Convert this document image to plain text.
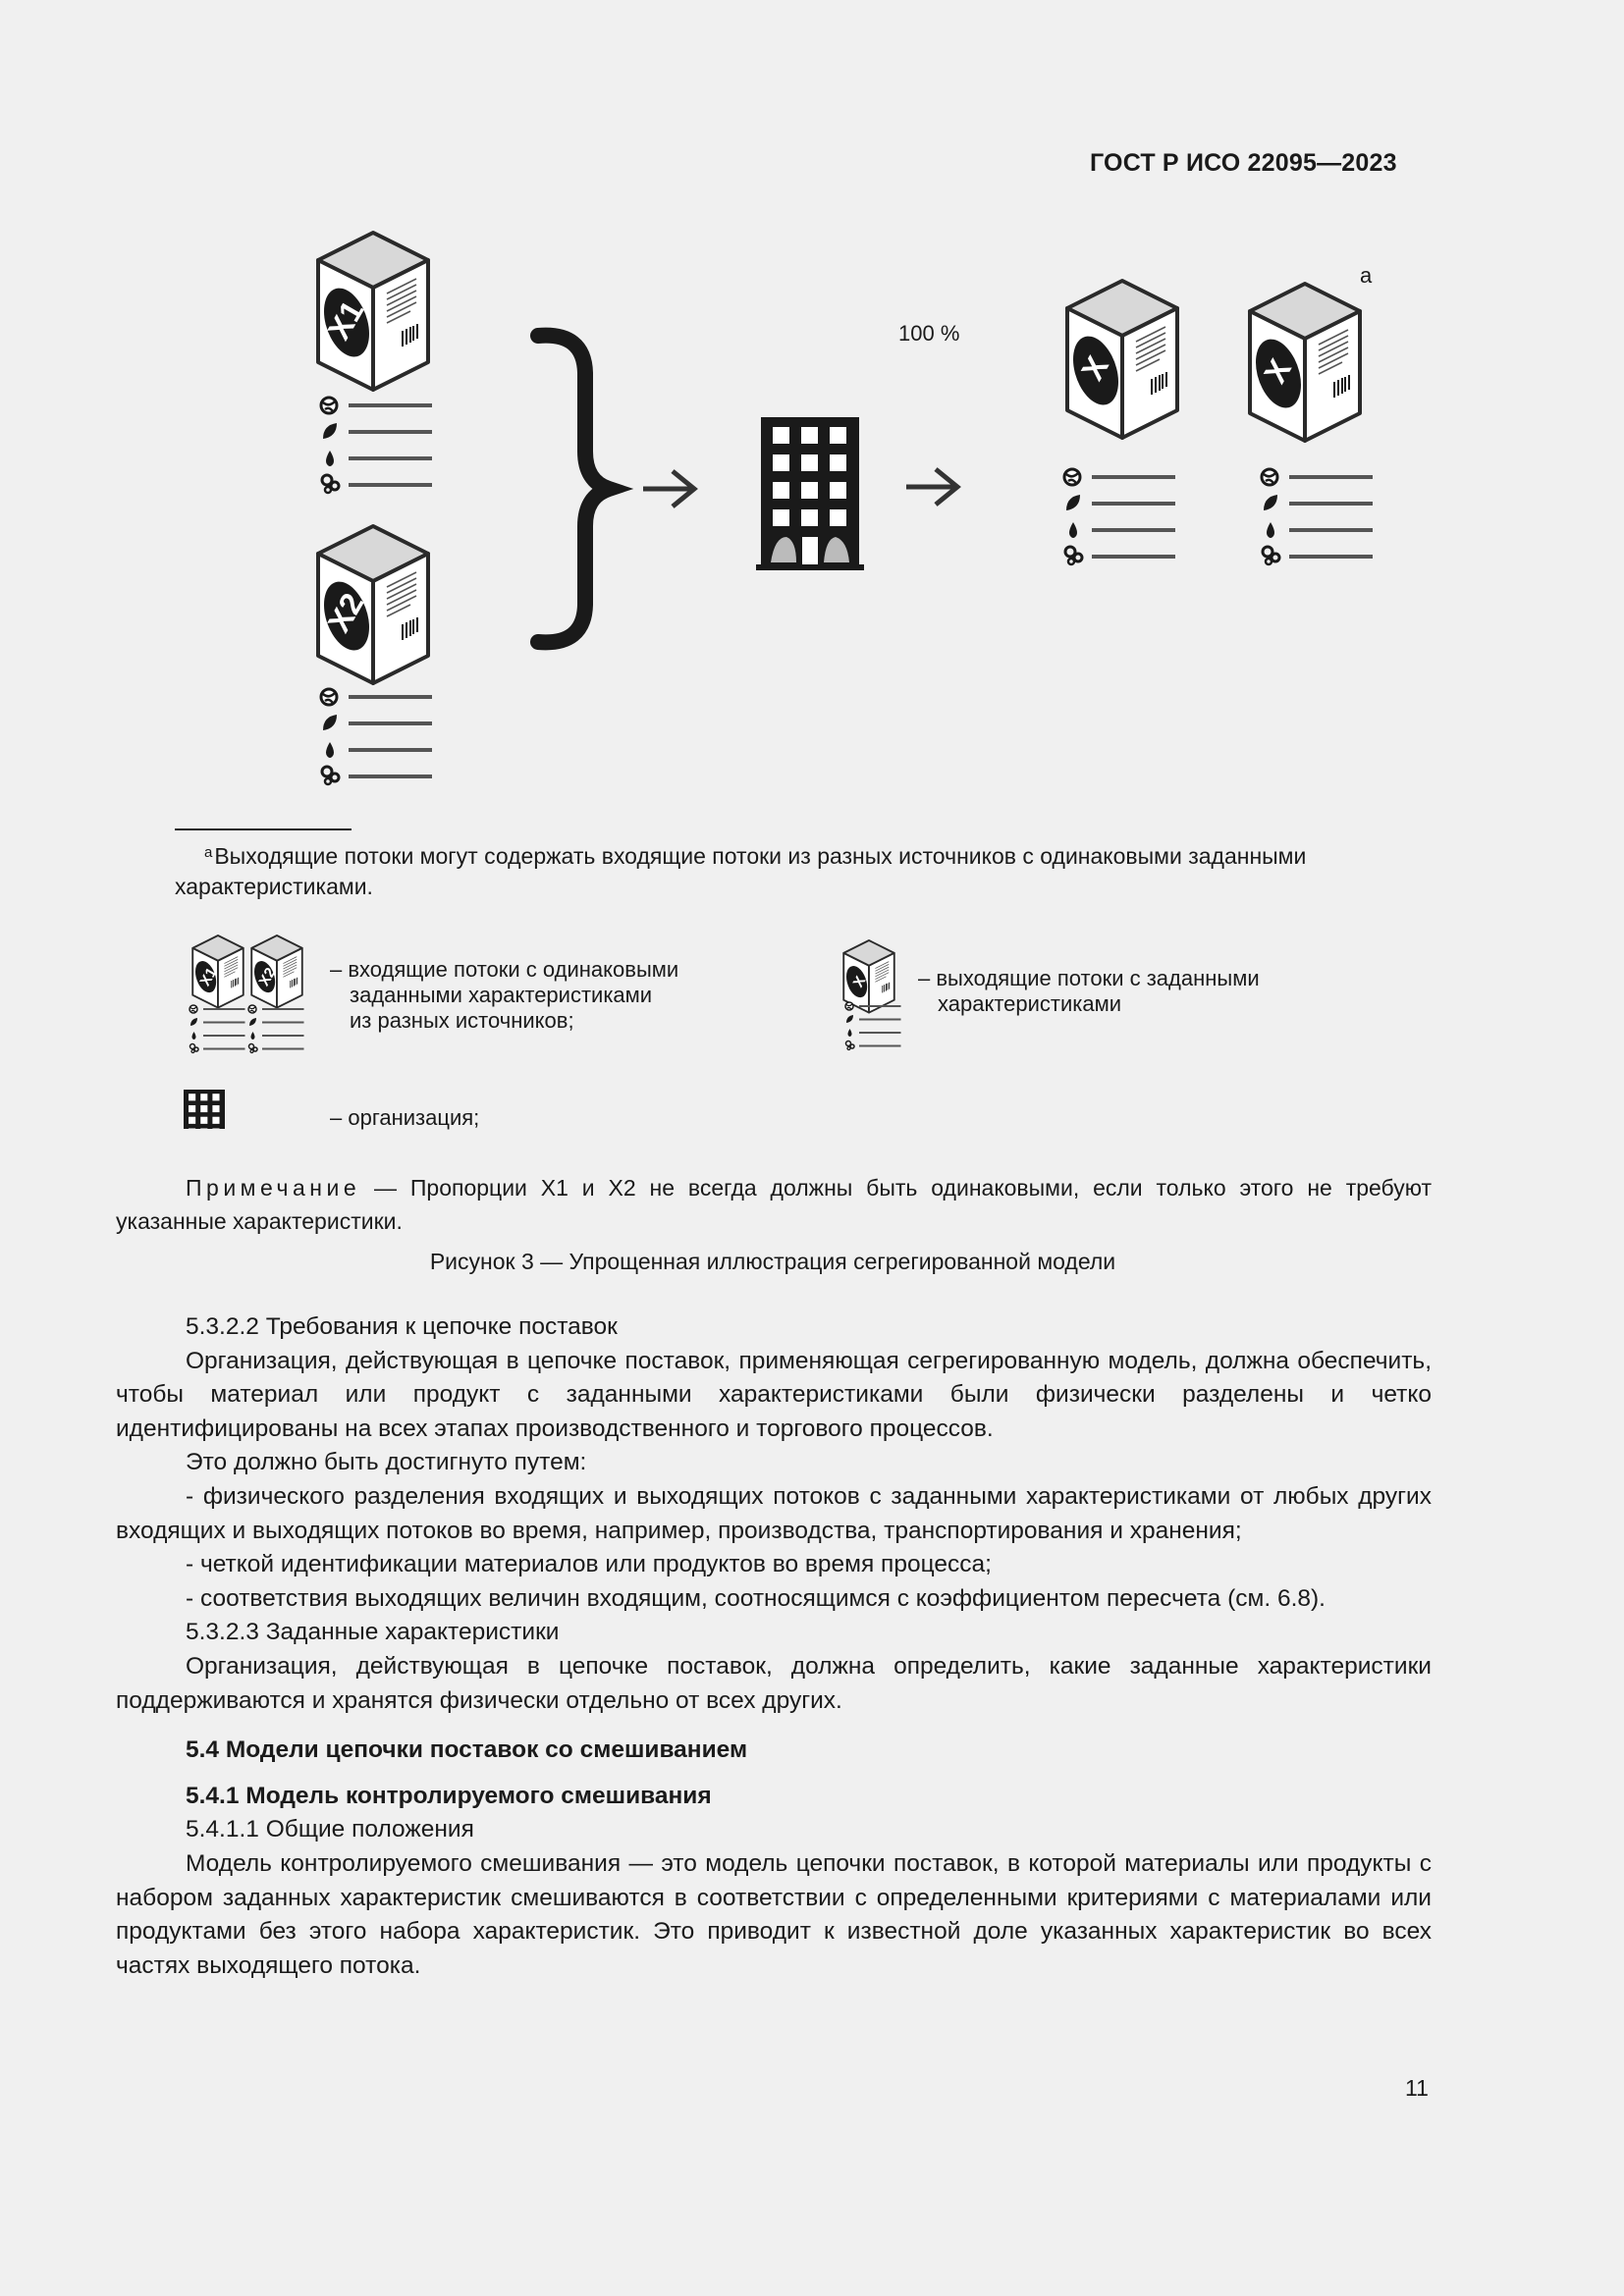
ГОСТ Р ИСО 22095—2023
X1
X2
100 %
X	X
a
X1 X2	X
$^a$Выходящие потоки могут содержать входящие потоки из разных источников с одинаковыми заданными характеристиками.
– входящие потоки с одинаковыми
заданными характеристиками
из разных источников;
– выходящие потоки с заданными
характеристиками
– организация;
Примечание — Пропорции X1 и X2 не всегда должны быть одинаковыми, если только этого не требуют указанные характеристики.
Рисунок 3 — Упрощенная иллюстрация сегрегированной модели

5.3.2.2 Требования к цепочке поставок

Организация, действующая в цепочке поставок, применяющая сегрегированную модель, должна обеспечить, чтобы материал или продукт с заданными характеристиками были физически разделены и четко идентифицированы на всех этапах производственного и торгового процессов.

Это должно быть достигнуто путем:

- физического разделения входящих и выходящих потоков с заданными характеристиками от любых других входящих и выходящих потоков во время, например, производства, транспортирования и хранения;

- четкой идентификации материалов или продуктов во время процесса;

- соответствия выходящих величин входящим, соотносящимся с коэффициентом пересчета (см. 6.8).

5.3.2.3 Заданные характеристики

Организация, действующая в цепочке поставок, должна определить, какие заданные характеристики поддерживаются и хранятся физически отдельно от всех других.

5.4 Модели цепочки поставок со смешиванием

5.4.1 Модель контролируемого смешивания

5.4.1.1 Общие положения

Модель контролируемого смешивания — это модель цепочки поставок, в которой материалы или продукты с набором заданных характеристик смешиваются в соответствии с определенными критериями с материалами или продуктами без этого набора характеристик. Это приводит к известной доле указанных характеристик во всех частях выходящего потока.

11
